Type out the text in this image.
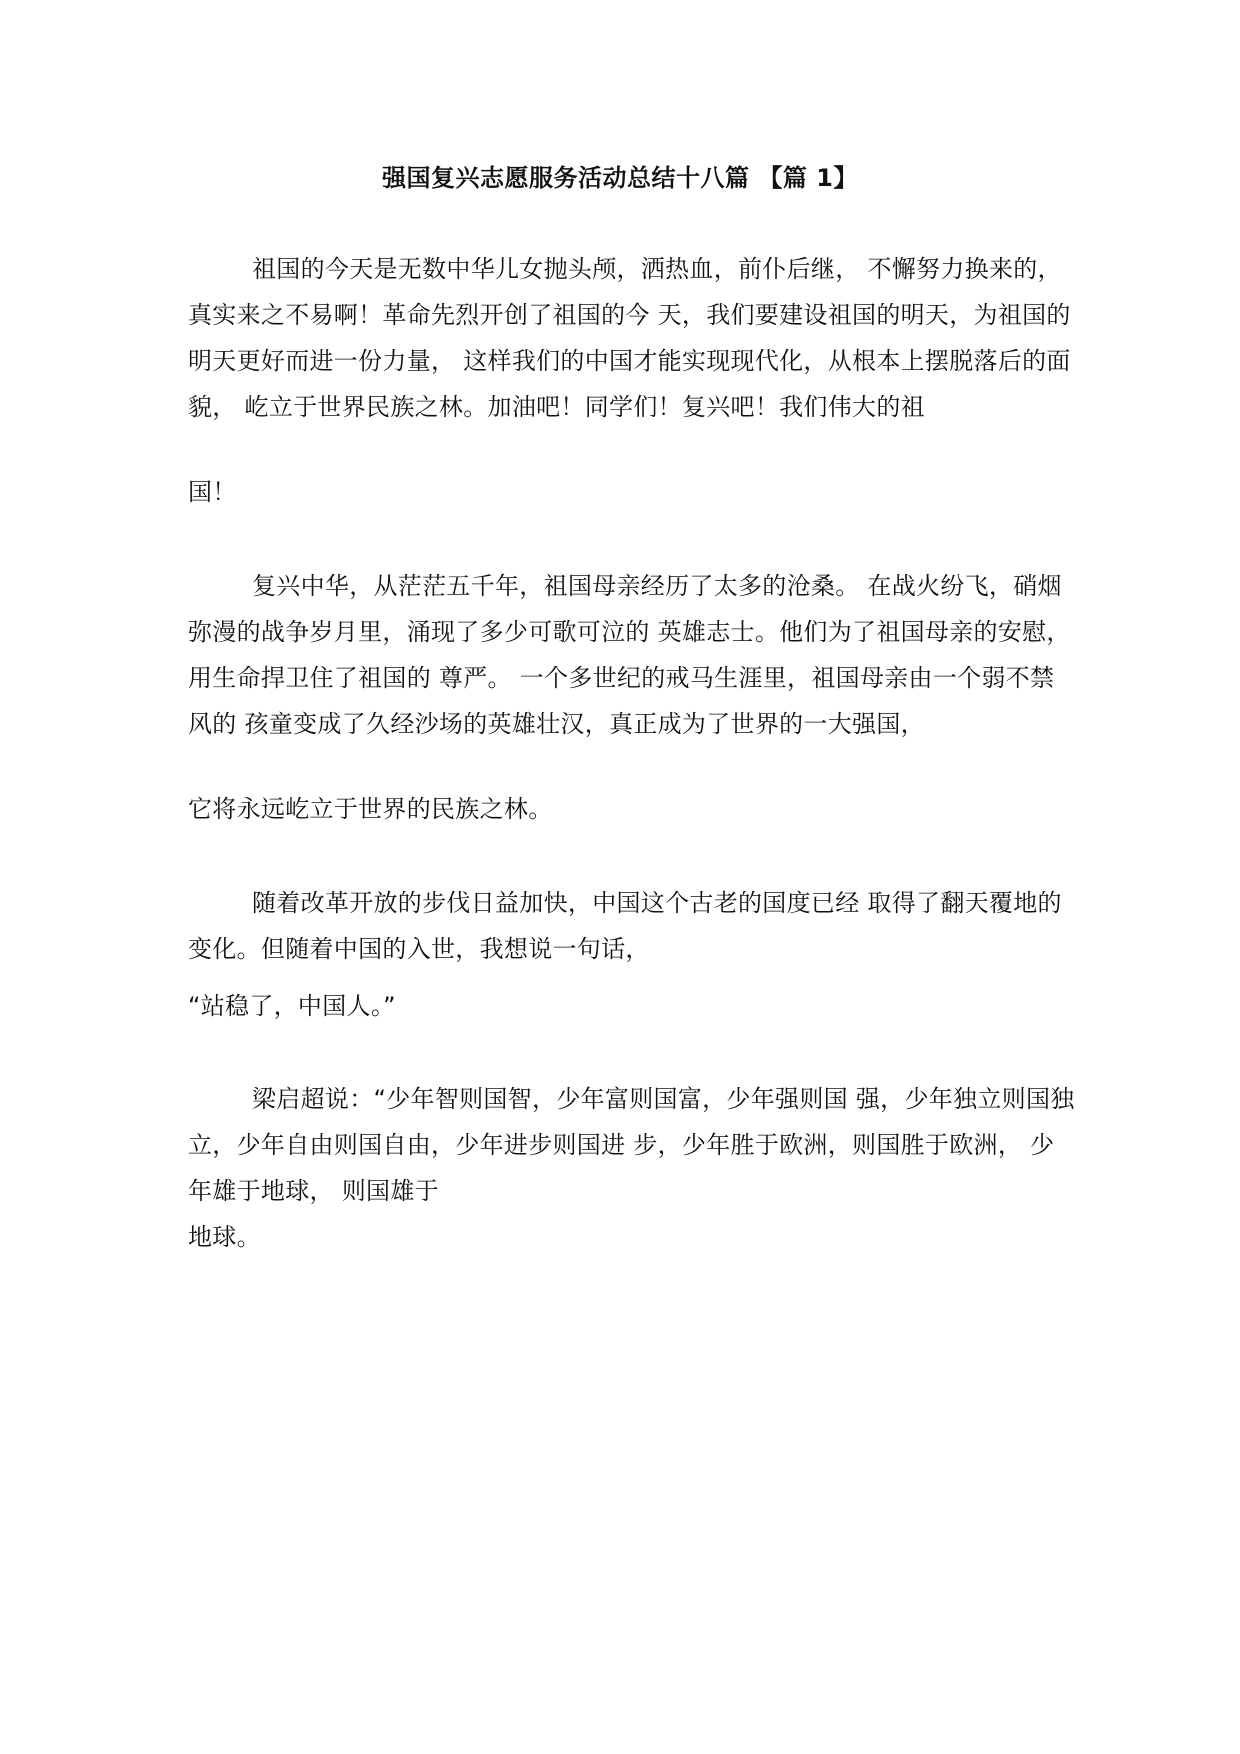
强国复兴志愿服务活动总结十八篇 【篇 1】

祖国的今天是无数中华儿女抛头颅，洒热血，前仆后继， 不懈努力换来的，真实来之不易啊！革命先烈开创了祖国的今 天，我们要建设祖国的明天，为祖国的明天更好而进一份力量， 这样我们的中国才能实现现代化，从根本上摆脱落后的面貌， 屹立于世界民族之林。加油吧！同学们！复兴吧！我们伟大的祖

国！

复兴中华，从茫茫五千年，祖国母亲经历了太多的沧桑。 在战火纷飞，硝烟弥漫的战争岁月里，涌现了多少可歌可泣的 英雄志士。他们为了祖国母亲的安慰，用生命捍卫住了祖国的 尊严。 一个多世纪的戒马生涯里，祖国母亲由一个弱不禁风的 孩童变成了久经沙场的英雄壮汉，真正成为了世界的一大强国，

它将永远屹立于世界的民族之林。

随着改革开放的步伐日益加快，中国这个古老的国度已经 取得了翻天覆地的变化。但随着中国的入世，我想说一句话，

“站稳了，中国人。”

梁启超说：“少年智则国智，少年富则国富，少年强则国 强，少年独立则国独立，少年自由则国自由，少年进步则国进 步，少年胜于欧洲，则国胜于欧洲， 少年雄于地球， 则国雄于

地球。
